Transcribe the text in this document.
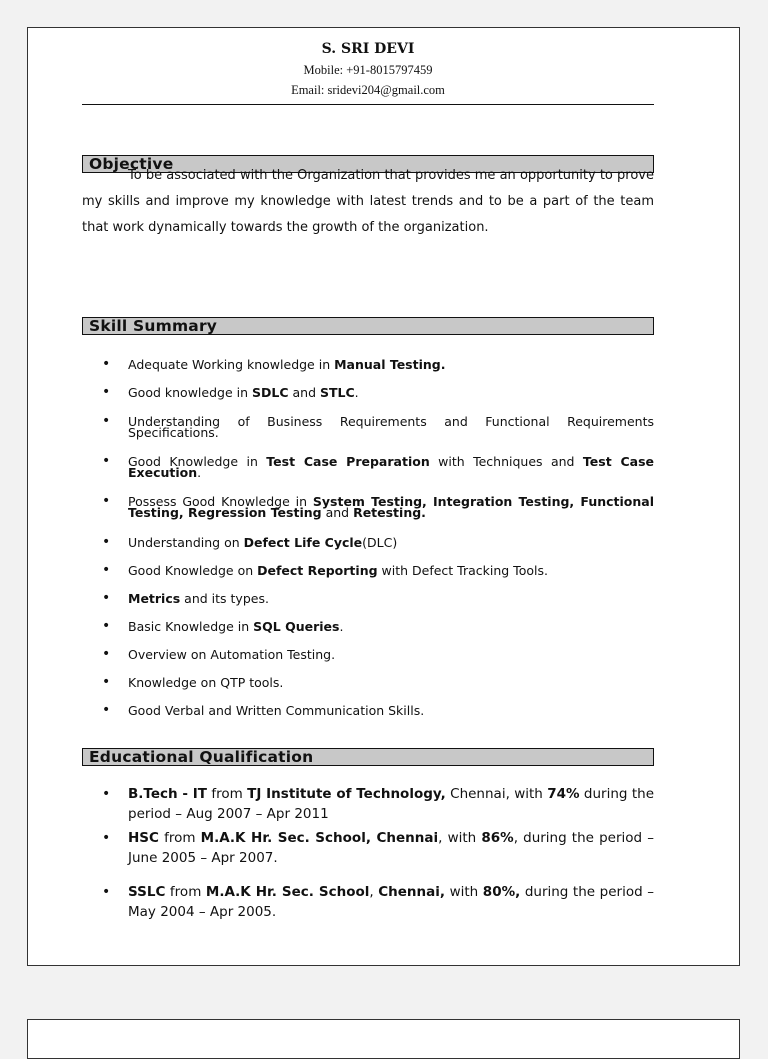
S. SRI DEVI
Mobile: +91-8015797459
Email: sridevi204@gmail.com
Objective

To be associated with the Organization that provides me an opportunity to prove my skills and improve my knowledge with latest trends and to be a part of the team that work dynamically towards the growth of the organization.

Skill Summary
• Adequate Working knowledge in Manual Testing.
• Good knowledge in SDLC and STLC.
• Understanding of Business Requirements and Functional Requirements Specifications.
• Good Knowledge in Test Case Preparation with Techniques and Test Case Execution.
• Possess Good Knowledge in System Testing, Integration Testing, Functional Testing, Regression Testing and Retesting.
• Understanding on Defect Life Cycle(DLC)
• Good Knowledge on Defect Reporting with Defect Tracking Tools.
• Metrics and its types.
• Basic Knowledge in SQL Queries.
• Overview on Automation Testing.
• Knowledge on QTP tools.
• Good Verbal and Written Communication Skills.
Educational Qualification
• B.Tech - IT from TJ Institute of Technology, Chennai, with 74% during the period – Aug 2007 – Apr 2011
• HSC from M.A.K Hr. Sec. School, Chennai, with 86%, during the period – June 2005 – Apr 2007.
• SSLC from M.A.K Hr. Sec. School, Chennai, with 80%, during the period – May 2004 – Apr 2005.
